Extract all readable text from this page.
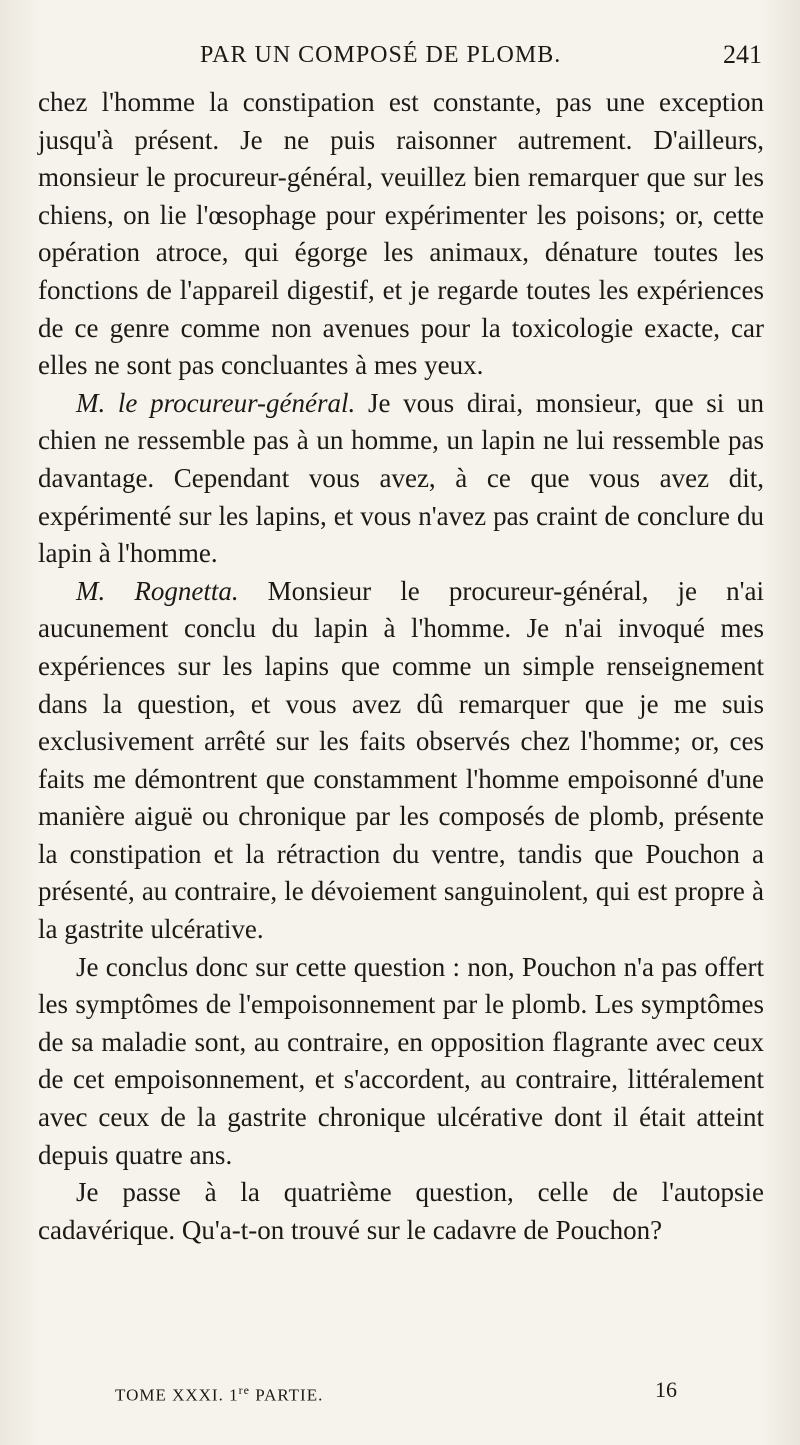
PAR UN COMPOSÉ DE PLOMB.	241

chez l'homme la constipation est constante, pas une exception jusqu'à présent. Je ne puis raisonner autrement. D'ailleurs, monsieur le procureur-général, veuillez bien remarquer que sur les chiens, on lie l'œsophage pour expérimenter les poisons; or, cette opération atroce, qui égorge les animaux, dénature toutes les fonctions de l'appareil digestif, et je regarde toutes les expériences de ce genre comme non avenues pour la toxicologie exacte, car elles ne sont pas concluantes à mes yeux.

M. le procureur-général. Je vous dirai, monsieur, que si un chien ne ressemble pas à un homme, un lapin ne lui ressemble pas davantage. Cependant vous avez, à ce que vous avez dit, expérimenté sur les lapins, et vous n'avez pas craint de conclure du lapin à l'homme.

M. Rognetta. Monsieur le procureur-général, je n'ai aucunement conclu du lapin à l'homme. Je n'ai invoqué mes expériences sur les lapins que comme un simple renseignement dans la question, et vous avez dû remarquer que je me suis exclusivement arrêté sur les faits observés chez l'homme; or, ces faits me démontrent que constamment l'homme empoisonné d'une manière aiguë ou chronique par les composés de plomb, présente la constipation et la rétraction du ventre, tandis que Pouchon a présenté, au contraire, le dévoiement sanguinolent, qui est propre à la gastrite ulcérative.

Je conclus donc sur cette question : non, Pouchon n'a pas offert les symptômes de l'empoisonnement par le plomb. Les symptômes de sa maladie sont, au contraire, en opposition flagrante avec ceux de cet empoisonnement, et s'accordent, au contraire, littéralement avec ceux de la gastrite chronique ulcérative dont il était atteint depuis quatre ans.

Je passe à la quatrième question, celle de l'autopsie cadavérique. Qu'a-t-on trouvé sur le cadavre de Pouchon?

TOME XXXI. 1re PARTIE.	16
